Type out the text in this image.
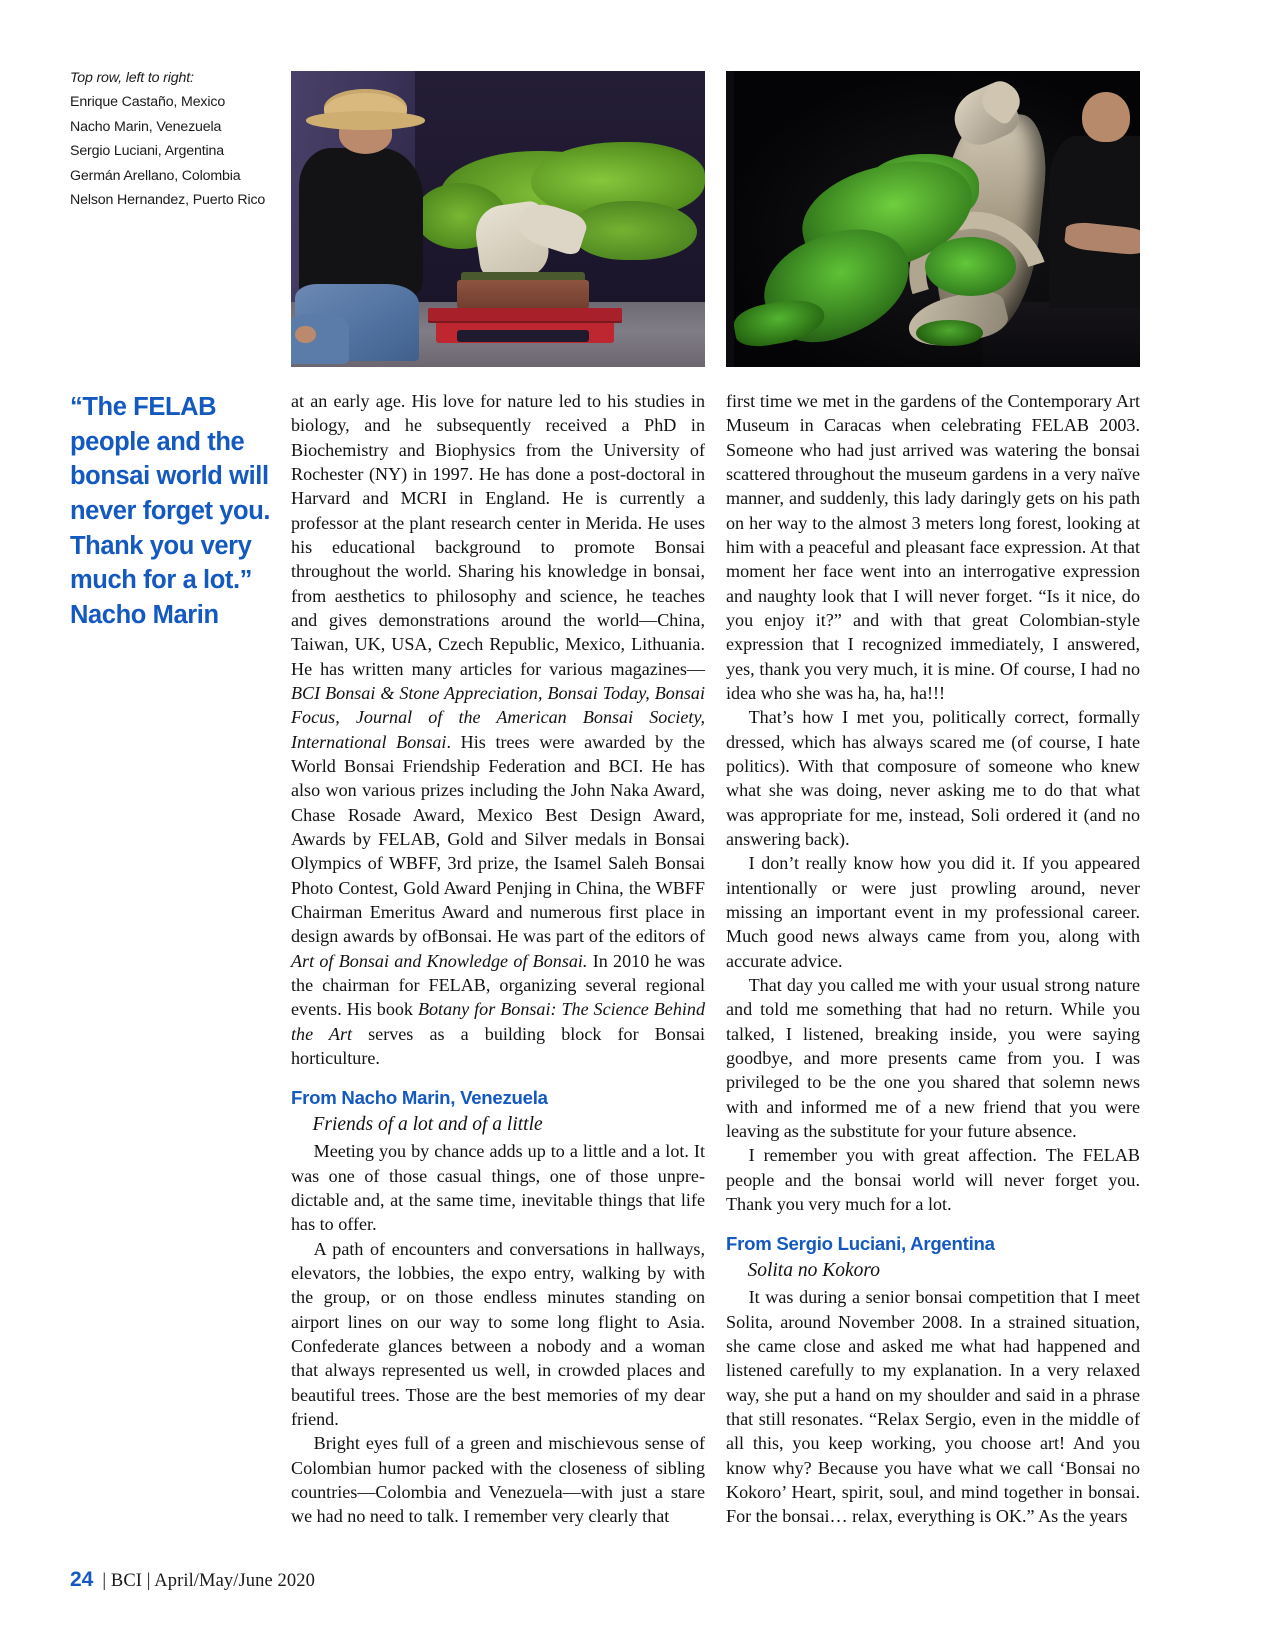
Top row, left to right:
Enrique Castaño, Mexico
Nacho Marin, Venezuela
Sergio Luciani, Argentina
Germán Arellano, Colombia
Nelson Hernandez, Puerto Rico
“The FELAB people and the bonsai world will never forget you. Thank you very much for a lot.”
Nacho Marin

at an early age. His love for nature led to his studies in biology, and he subsequently received a PhD in Biochemistry and Biophysics from the University of Rochester (NY) in 1997. He has done a post-doctoral in Harvard and MCRI in England. He is currently a professor at the plant research center in Merida. He uses his educational background to promote Bonsai throughout the world. Sharing his knowledge in bonsai, from aesthetics to philosophy and science, he teaches and gives demonstrations around the world—China, Taiwan, UK, USA, Czech Republic, Mexico, Lithuania. He has written many articles for various magazines—BCI Bonsai & Stone Appreciation, Bonsai Today, Bonsai Focus, Journal of the American Bonsai Society, International Bonsai. His trees were awarded by the World Bonsai Friendship Federation and BCI. He has also won various prizes including the John Naka Award, Chase Rosade Award, Mexico Best Design Award, Awards by FELAB, Gold and Silver medals in Bonsai Olympics of WBFF, 3rd prize, the Isamel Saleh Bonsai Photo Contest, Gold Award Penjing in China, the WBFF Chairman Emeritus Award and numerous first place in design awards by ofBonsai. He was part of the editors of Art of Bonsai and Knowledge of Bonsai. In 2010 he was the chairman for FELAB, organizing several regional events. His book Botany for Bonsai: The Science Behind the Art serves as a building block for Bonsai horticulture.

From Nacho Marin, Venezuela
Friends of a lot and of a little

Meeting you by chance adds up to a little and a lot. It was one of those casual things, one of those unpre-dictable and, at the same time, inevitable things that life has to offer.

A path of encounters and conversations in hallways, elevators, the lobbies, the expo entry, walking by with the group, or on those endless minutes standing on airport lines on our way to some long flight to Asia. Confederate glances between a nobody and a woman that always represented us well, in crowded places and beautiful trees. Those are the best memories of my dear friend.

Bright eyes full of a green and mischievous sense of Colombian humor packed with the closeness of sibling countries—Colombia and Venezuela—with just a stare we had no need to talk. I remember very clearly that

first time we met in the gardens of the Contemporary Art Museum in Caracas when celebrating FELAB 2003. Someone who had just arrived was watering the bonsai scattered throughout the museum gardens in a very naïve manner, and suddenly, this lady daringly gets on his path on her way to the almost 3 meters long forest, looking at him with a peaceful and pleasant face expression. At that moment her face went into an interrogative expression and naughty look that I will never forget. “Is it nice, do you enjoy it?” and with that great Colombian-style expression that I recognized immediately, I answered, yes, thank you very much, it is mine. Of course, I had no idea who she was ha, ha, ha!!!

That’s how I met you, politically correct, formally dressed, which has always scared me (of course, I hate politics). With that composure of someone who knew what she was doing, never asking me to do that what was appropriate for me, instead, Soli ordered it (and no answering back).

I don’t really know how you did it. If you appeared intentionally or were just prowling around, never missing an important event in my professional career. Much good news always came from you, along with accurate advice.

That day you called me with your usual strong nature and told me something that had no return. While you talked, I listened, breaking inside, you were saying goodbye, and more presents came from you. I was privileged to be the one you shared that solemn news with and informed me of a new friend that you were leaving as the substitute for your future absence.

I remember you with great affection. The FELAB people and the bonsai world will never forget you. Thank you very much for a lot.

From Sergio Luciani, Argentina
Solita no Kokoro

It was during a senior bonsai competition that I meet Solita, around November 2008. In a strained situation, she came close and asked me what had happened and listened carefully to my explanation. In a very relaxed way, she put a hand on my shoulder and said in a phrase that still resonates. “Relax Sergio, even in the middle of all this, you keep working, you choose art! And you know why? Because you have what we call ‘Bonsai no Kokoro’ Heart, spirit, soul, and mind together in bonsai. For the bonsai… relax, everything is OK.” As the years

24 | BCI | April/May/June 2020
